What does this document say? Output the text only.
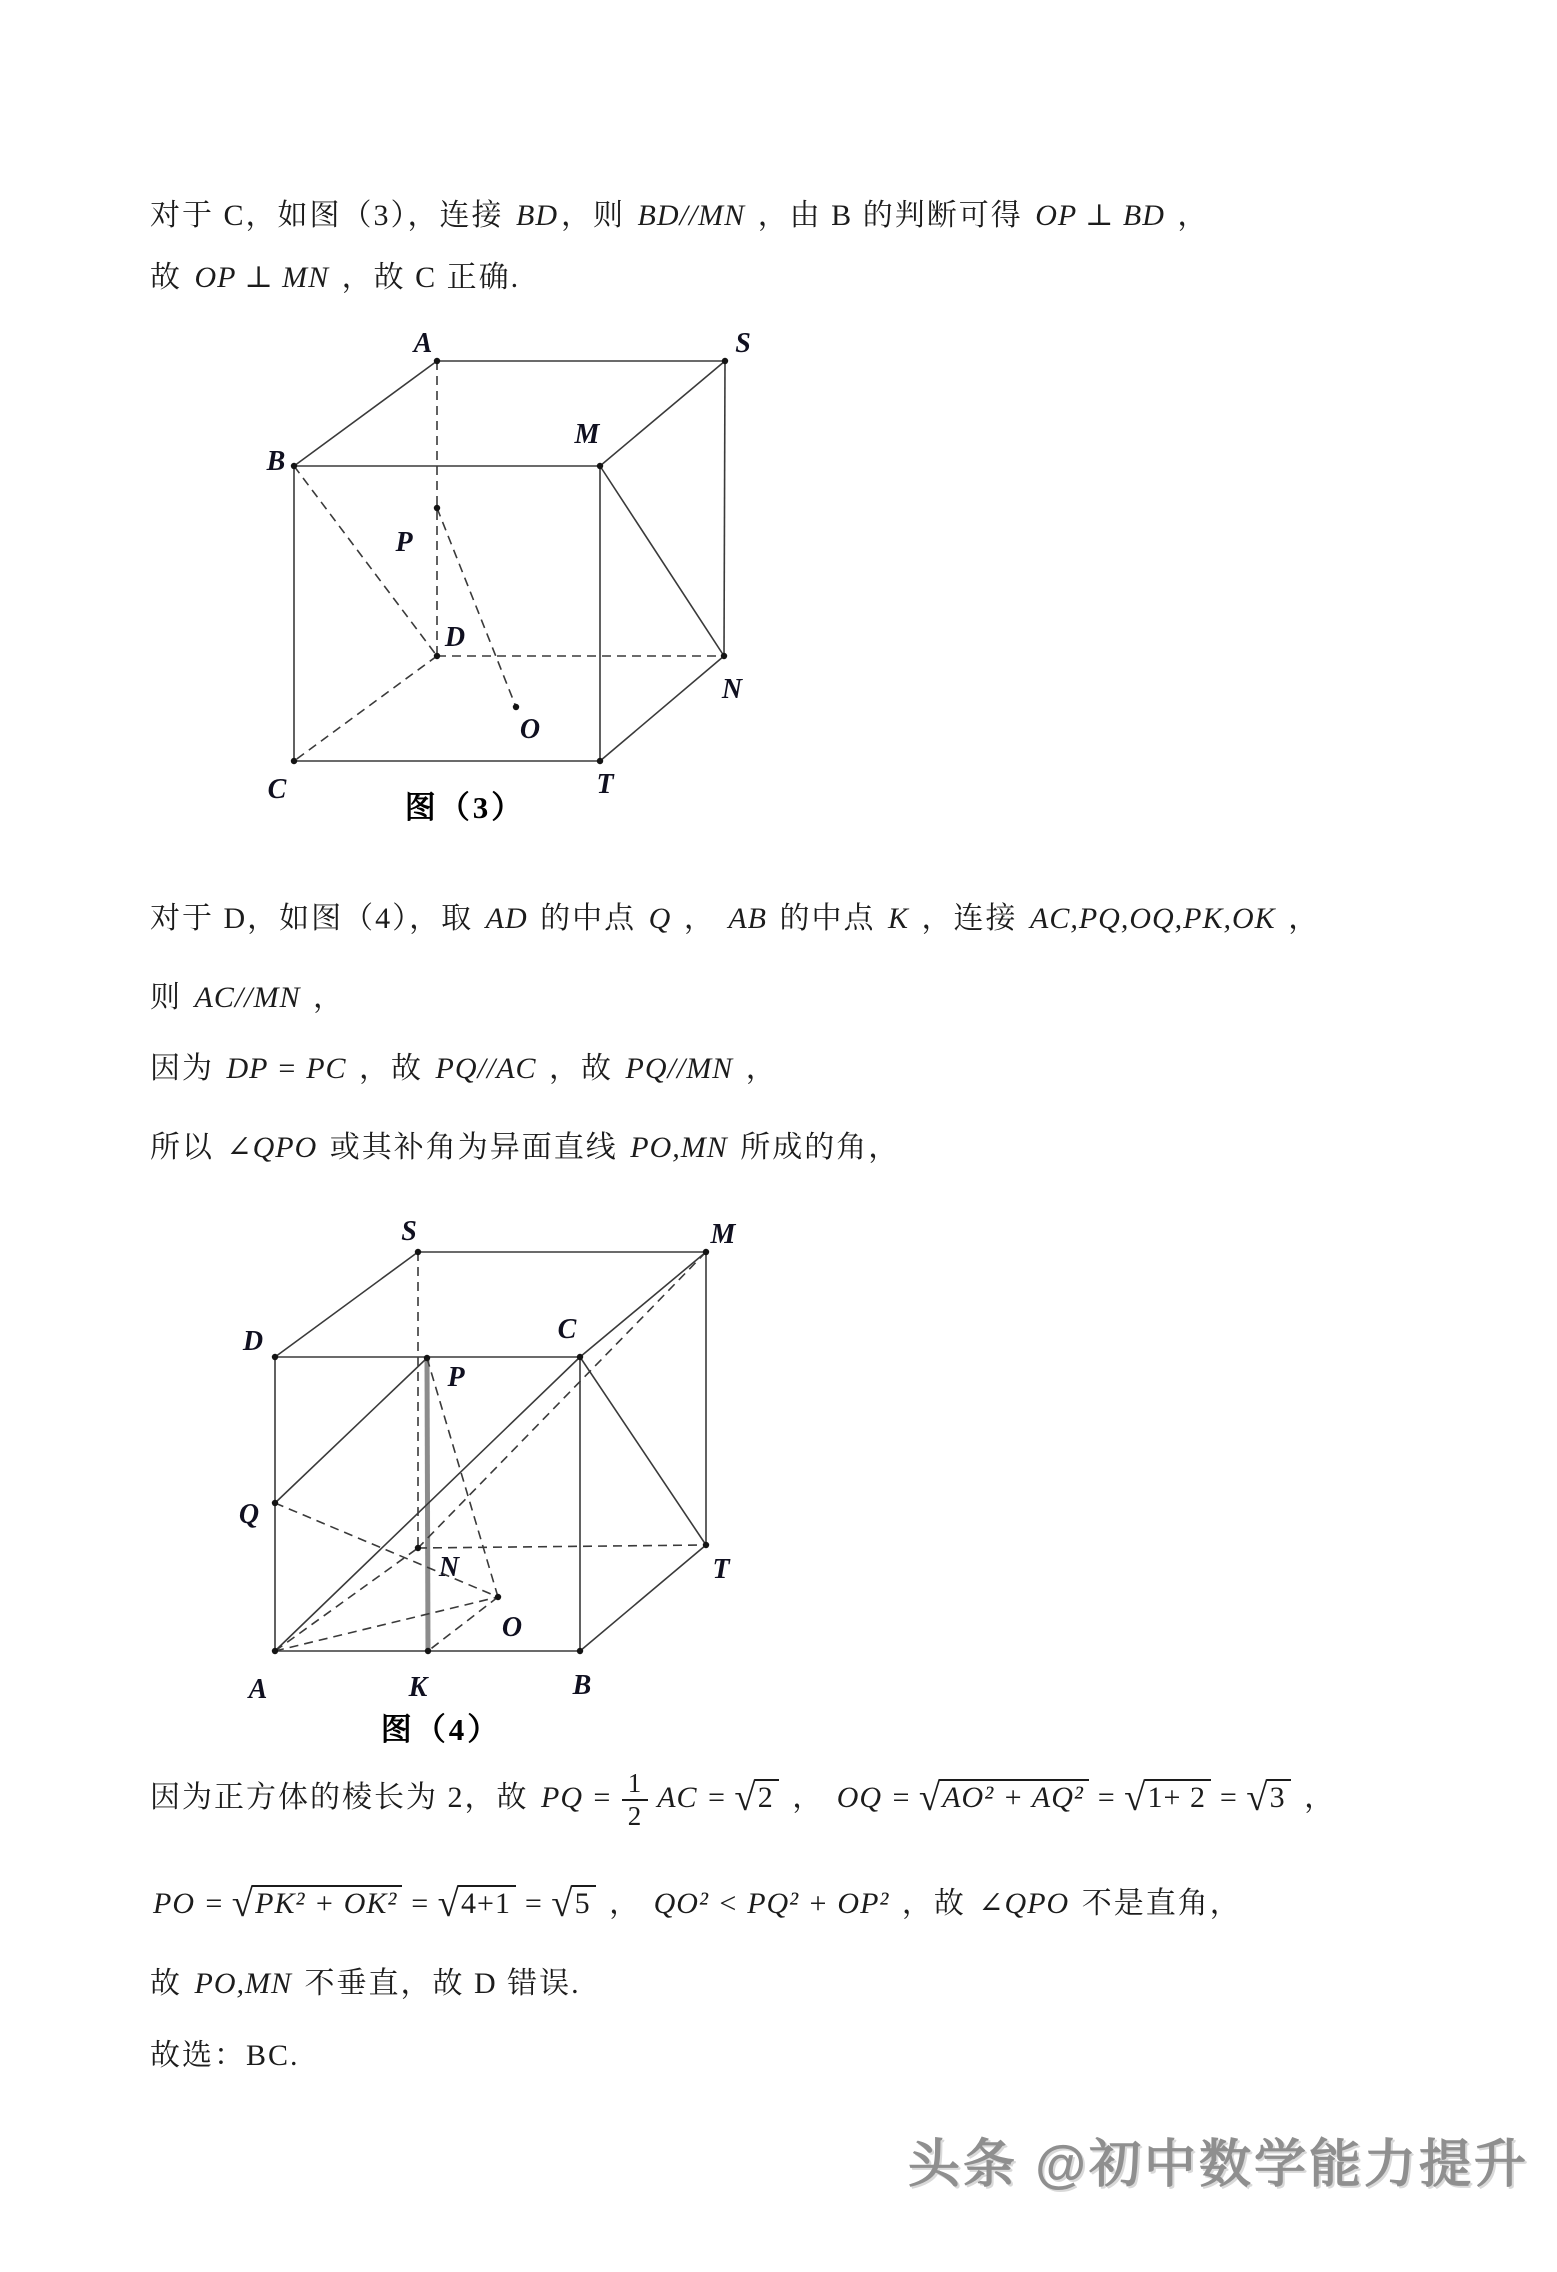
对于 C，如图（3），连接 BD ，则 BD//MN ，由 B 的判断可得 OP ⊥ BD ，
故 OP ⊥ MN ，故 C 正确.
对于 D，如图（4），取 AD 的中点 Q ， AB 的中点 K ，连接 AC,PQ,OQ,PK,OK ，
则 AC//MN ，
因为 DP = PC ，故 PQ//AC ，故 PQ//MN ，
所以 ∠QPO 或其补角为异面直线 PO,MN 所成的角，
因为正方体的棱长为 2，故 PQ = $\frac{1}{2}$ AC = √2 ， OQ = √AO² + AQ² = √1+ 2 = √3 ，
PO = √PK² + OK² = √4+1 = √5 ， QO² < PQ² + OP² ，故 ∠QPO 不是直角，
故 PO,MN 不垂直，故 D 错误.
故选：BC.
A	S
B
M
P
D
N
O
C	T
图（3）
S	M
D	C
P
Q
N	T
O
A	K	B
图（4）
头条 @初中数学能力提升
